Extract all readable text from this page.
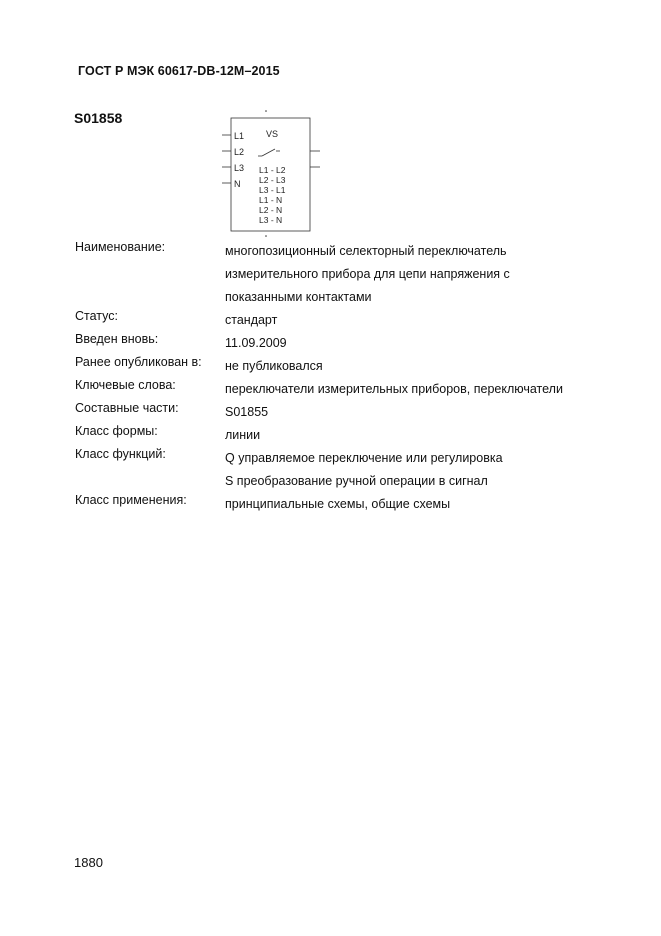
ГОСТ Р МЭК 60617-DB-12M–2015
S01858
L1
L2
L3
N
VS
L1 - L2
L2 - L3
L3 - L1
L1 - N
L2 - N
L3 - N
Наименование:	многопозиционный селекторный переключатель
измерительного прибора для цепи напряжения с
показанными контактами
Статус:	стандарт
Введен вновь:	11.09.2009
Ранее опубликован в: не публиковался
Ключевые слова:	переключатели измерительных приборов, переключатели
Составные части:	S01855
Класс формы:	линии
Класс функций:	Q управляемое переключение или регулировка
S преобразование ручной операции в сигнал
Класс применения:	принципиальные схемы, общие схемы
1880
